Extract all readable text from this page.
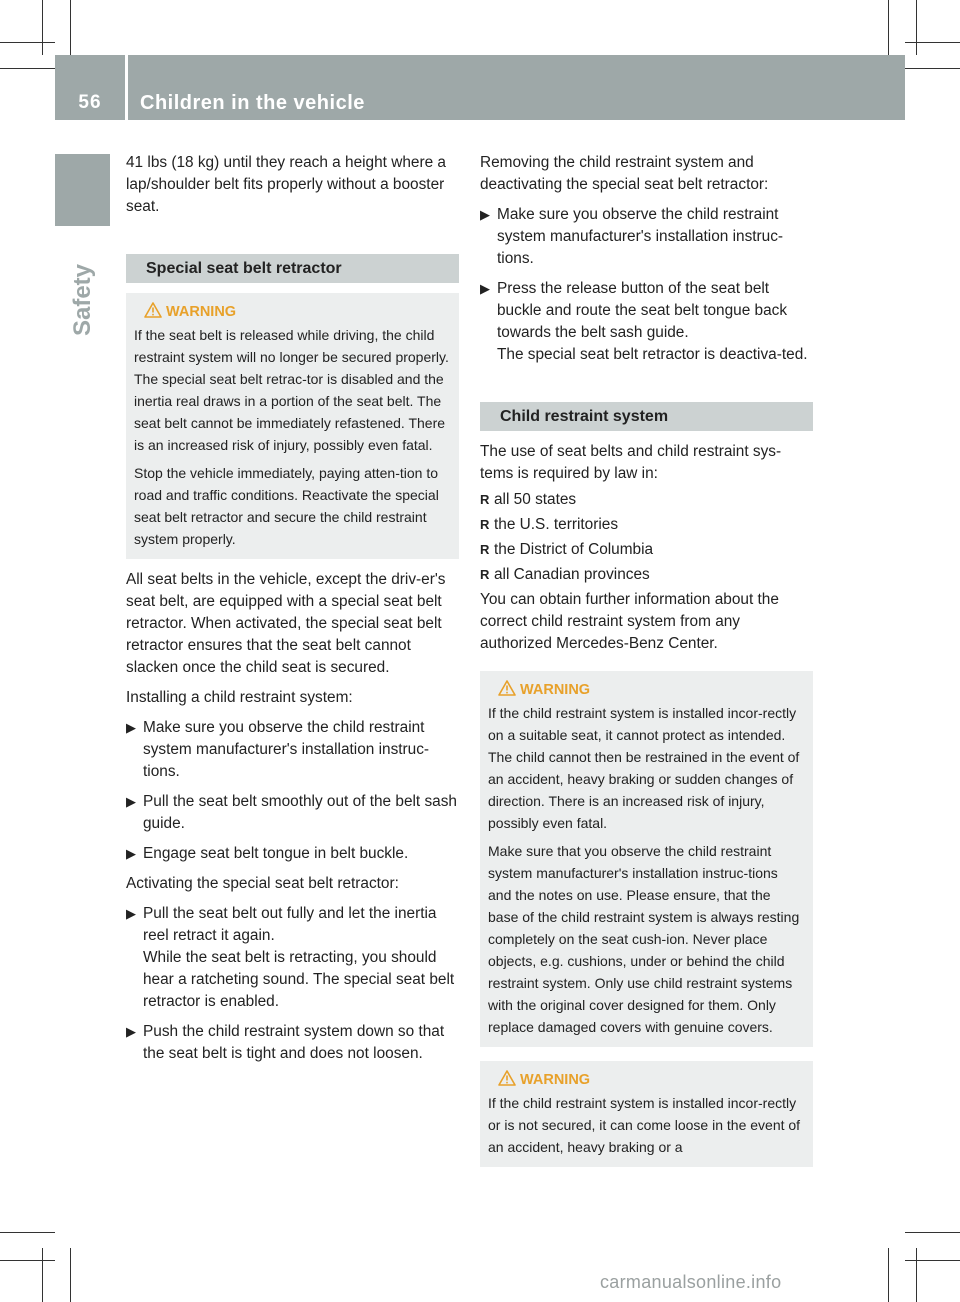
56	Children in the vehicle
Safety

41 lbs (18 kg) until they reach a height where a lap/shoulder belt fits properly without a booster seat.

Special seat belt retractor
WARNING

If the seat belt is released while driving, the child restraint system will no longer be secured properly. The special seat belt retrac-tor is disabled and the inertia real draws in a portion of the seat belt. The seat belt cannot be immediately refastened. There is an increased risk of injury, possibly even fatal.

Stop the vehicle immediately, paying atten-tion to road and traffic conditions. Reactivate the special seat belt retractor and secure the child restraint system properly.

All seat belts in the vehicle, except the driv-er's seat belt, are equipped with a special seat belt retractor. When activated, the special seat belt retractor ensures that the seat belt cannot slacken once the child seat is secured.

Installing a child restraint system:

▶ Make sure you observe the child restraint system manufacturer's installation instruc-tions.
▶ Pull the seat belt smoothly out of the belt sash guide.
▶ Engage seat belt tongue in belt buckle.

Activating the special seat belt retractor:

▶ Pull the seat belt out fully and let the inertia reel retract it again.
While the seat belt is retracting, you should hear a ratcheting sound. The special seat belt retractor is enabled.
▶ Push the child restraint system down so that the seat belt is tight and does not loosen.

Removing the child restraint system and deactivating the special seat belt retractor:

▶ Make sure you observe the child restraint system manufacturer's installation instruc-tions.
▶ Press the release button of the seat belt buckle and route the seat belt tongue back towards the belt sash guide.
The special seat belt retractor is deactiva-ted.
Child restraint system

The use of seat belts and child restraint sys-tems is required by law in:

R all 50 states
R the U.S. territories
R the District of Columbia
R all Canadian provinces

You can obtain further information about the correct child restraint system from any authorized Mercedes-Benz Center.

WARNING

If the child restraint system is installed incor-rectly on a suitable seat, it cannot protect as intended. The child cannot then be restrained in the event of an accident, heavy braking or sudden changes of direction. There is an increased risk of injury, possibly even fatal.

Make sure that you observe the child restraint system manufacturer's installation instruc-tions and the notes on use. Please ensure, that the base of the child restraint system is always resting completely on the seat cush-ion. Never place objects, e.g. cushions, under or behind the child restraint system. Only use child restraint systems with the original cover designed for them. Only replace damaged covers with genuine covers.

WARNING

If the child restraint system is installed incor-rectly or is not secured, it can come loose in the event of an accident, heavy braking or a

carmanualsonline.info
